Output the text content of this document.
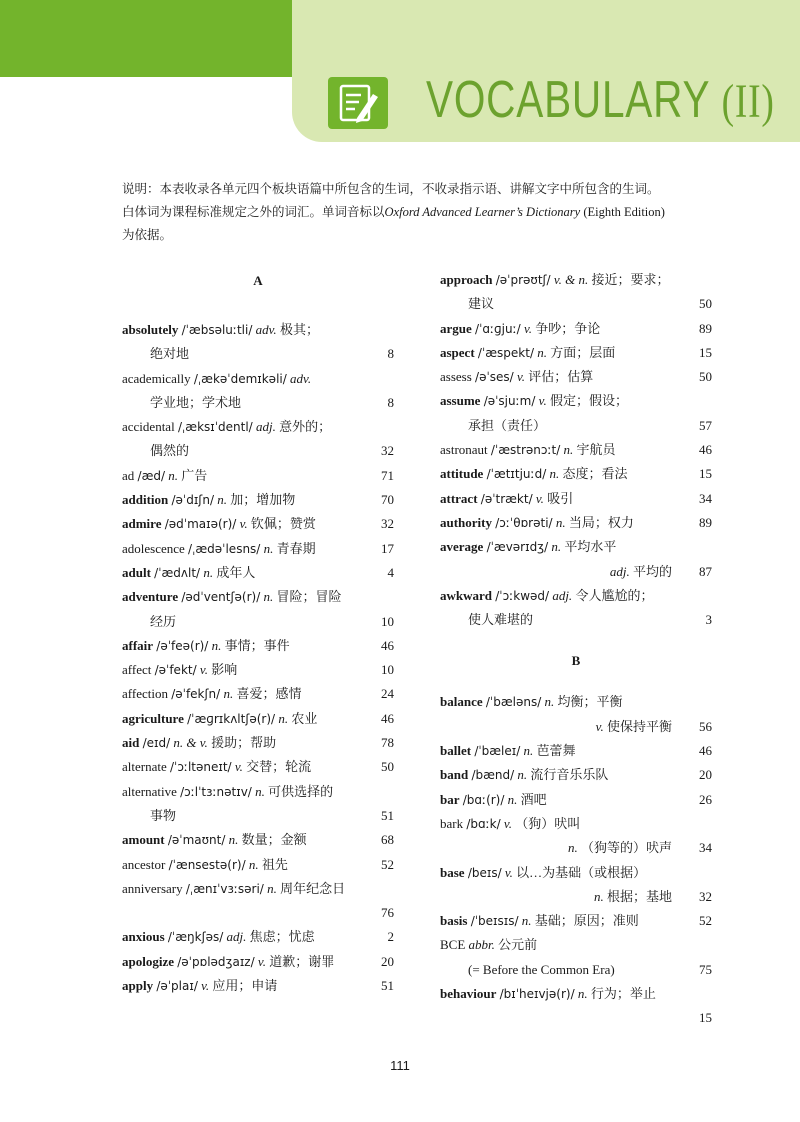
VOCABULARY (II)

说明：本表收录各单元四个板块语篇中所包含的生词，不收录指示语、讲解文字中所包含的生词。

白体词为课程标准规定之外的词汇。单词音标以Oxford Advanced Learner’s Dictionary (Eighth Edition)

为依据。

A
absolutely /ˈæbsəluːtli/ adv. 极其；
绝对地	8
academically /ˌækəˈdemɪkəli/ adv.
学业地；学术地	8
accidental /ˌæksɪˈdentl/ adj. 意外的；
偶然的	32
ad /æd/ n. 广告	71
addition /əˈdɪʃn/ n. 加；增加物	70
admire /ədˈmaɪə(r)/ v. 钦佩；赞赏	32
adolescence /ˌædəˈlesns/ n. 青春期	17
adult /ˈædʌlt/ n. 成年人	4
adventure /ədˈventʃə(r)/ n. 冒险；冒险
经历	10
affair /əˈfeə(r)/ n. 事情；事件	46
affect /əˈfekt/ v. 影响	10
affection /əˈfekʃn/ n. 喜爱；感情	24
agriculture /ˈæɡrɪkʌltʃə(r)/ n. 农业	46
aid /eɪd/ n. & v. 援助；帮助	78
alternate /ˈɔːltəneɪt/ v. 交替；轮流	50
alternative /ɔːlˈtɜːnətɪv/ n. 可供选择的
事物	51
amount /əˈmaʊnt/ n. 数量；金额	68
ancestor /ˈænsestə(r)/ n. 祖先	52
anniversary /ˌænɪˈvɜːsəri/ n. 周年纪念日
76
anxious /ˈæŋkʃəs/ adj. 焦虑；忧虑	2
apologize /əˈpɒlədʒaɪz/ v. 道歉；谢罪	20
apply /əˈplaɪ/ v. 应用；申请	51
approach /əˈprəʊtʃ/ v. & n. 接近；要求；
建议	50
argue /ˈɑːɡjuː/ v. 争吵；争论	89
aspect /ˈæspekt/ n. 方面；层面	15
assess /əˈses/ v. 评估；估算	50
assume /əˈsjuːm/ v. 假定；假设；
承担（责任）	57
astronaut /ˈæstrənɔːt/ n. 宇航员	46
attitude /ˈætɪtjuːd/ n. 态度；看法	15
attract /əˈtrækt/ v. 吸引	34
authority /ɔːˈθɒrəti/ n. 当局；权力	89
average /ˈævərɪdʒ/ n. 平均水平
adj. 平均的 87
awkward /ˈɔːkwəd/ adj. 令人尴尬的；
使人难堪的	3
B
balance /ˈbæləns/ n. 均衡；平衡
v. 使保持平衡 56
ballet /ˈbæleɪ/ n. 芭蕾舞	46
band /bænd/ n. 流行音乐乐队	20
bar /bɑː(r)/ n. 酒吧	26
bark /bɑːk/ v. （狗）吠叫
n. （狗等的）吠声 34
base /beɪs/ v. 以…为基础（或根据）
n. 根据；基地 32
basis /ˈbeɪsɪs/ n. 基础；原因；准则	52
BCE abbr. 公元前
(= Before the Common Era)	75
behaviour /bɪˈheɪvjə(r)/ n. 行为；举止
15
111
